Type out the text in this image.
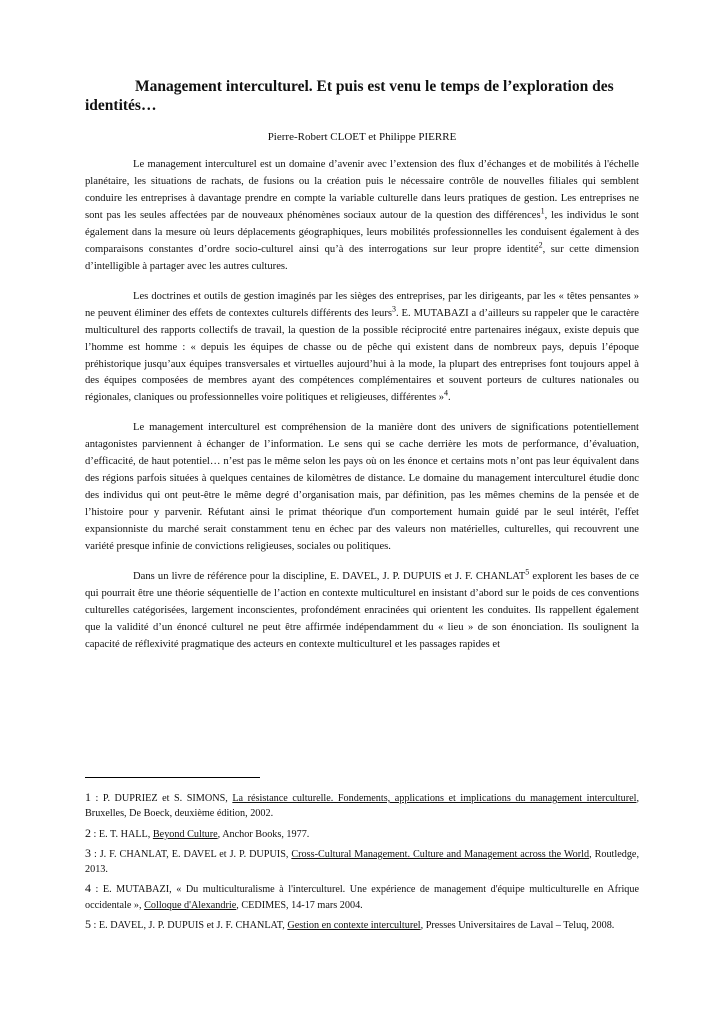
Management interculturel. Et puis est venu le temps de l’exploration des identités…
Pierre-Robert CLOET et Philippe PIERRE

Le management interculturel est un domaine d’avenir avec l’extension des flux d’échanges et de mobilités à l'échelle planétaire, les situations de rachats, de fusions ou la création puis le nécessaire contrôle de nouvelles filiales qui semblent conduire les entreprises à davantage prendre en compte la variable culturelle dans leurs pratiques de gestion. Les entreprises ne sont pas les seules affectées par de nouveaux phénomènes sociaux autour de la question des différences$^1$, les individus le sont également dans la mesure où leurs déplacements géographiques, leurs mobilités professionnelles les conduisent également à des comparaisons constantes d’ordre socio-culturel ainsi qu’à des interrogations sur leur propre identité$^2$, sur cette dimension d’intelligible à partager avec les autres cultures.

Les doctrines et outils de gestion imaginés par les sièges des entreprises, par les dirigeants, par les « têtes pensantes » ne peuvent éliminer des effets de contextes culturels différents des leurs$^3$. E. MUTABAZI a d’ailleurs su rappeler que le caractère multiculturel des rapports collectifs de travail, la question de la possible réciprocité entre partenaires inégaux, existe depuis que l’homme est homme : « depuis les équipes de chasse ou de pêche qui existent dans de nombreux pays, depuis l’époque préhistorique jusqu’aux équipes transversales et virtuelles aujourd’hui à la mode, la plupart des entreprises font toujours appel à des équipes composées de membres ayant des compétences complémentaires et souvent porteurs de cultures nationales ou régionales, claniques ou professionnelles voire politiques et religieuses, différentes »$^4$.

Le management interculturel est compréhension de la manière dont des univers de significations potentiellement antagonistes parviennent à échanger de l’information. Le sens qui se cache derrière les mots de performance, d’évaluation, d’efficacité, de haut potentiel… n’est pas le même selon les pays où on les énonce et certains mots n’ont pas leur équivalent dans des régions parfois situées à quelques centaines de kilomètres de distance. Le domaine du management interculturel étudie donc des individus qui ont peut-être le même degré d’organisation mais, par définition, pas les mêmes chemins de la pensée et de l’histoire pour y parvenir. Réfutant ainsi le primat théorique d'un comportement humain guidé par le seul intérêt, l'effet expansionniste du marché serait constamment tenu en échec par des valeurs non matérielles, culturelles, qui recouvrent une variété presque infinie de convictions religieuses, sociales ou politiques.

Dans un livre de référence pour la discipline, E. DAVEL, J. P. DUPUIS et J. F. CHANLAT$^5$ explorent les bases de ce qui pourrait être une théorie séquentielle de l’action en contexte multiculturel en insistant d’abord sur le poids de ces conventions culturelles catégorisées, largement inconscientes, profondément enracinées qui orientent les conduites. Ils rappellent également que la validité d’un énoncé culturel ne peut être affirmée indépendamment du « lieu » de son énonciation. Ils soulignent la capacité de réflexivité pragmatique des acteurs en contexte multiculturel et les passages rapides et

1 : P. DUPRIEZ et S. SIMONS, La résistance culturelle. Fondements, applications et implications du management interculturel, Bruxelles, De Boeck, deuxième édition, 2002.
2 : E. T. HALL, Beyond Culture, Anchor Books, 1977.
3 : J. F. CHANLAT, E. DAVEL et J. P. DUPUIS, Cross-Cultural Management. Culture and Management across the World, Routledge, 2013.
4 : E. MUTABAZI, « Du multiculturalisme à l'interculturel. Une expérience de management d'équipe multiculturelle en Afrique occidentale », Colloque d'Alexandrie, CEDIMES, 14-17 mars 2004.
5 : E. DAVEL, J. P. DUPUIS et J. F. CHANLAT, Gestion en contexte interculturel, Presses Universitaires de Laval – Teluq, 2008.
